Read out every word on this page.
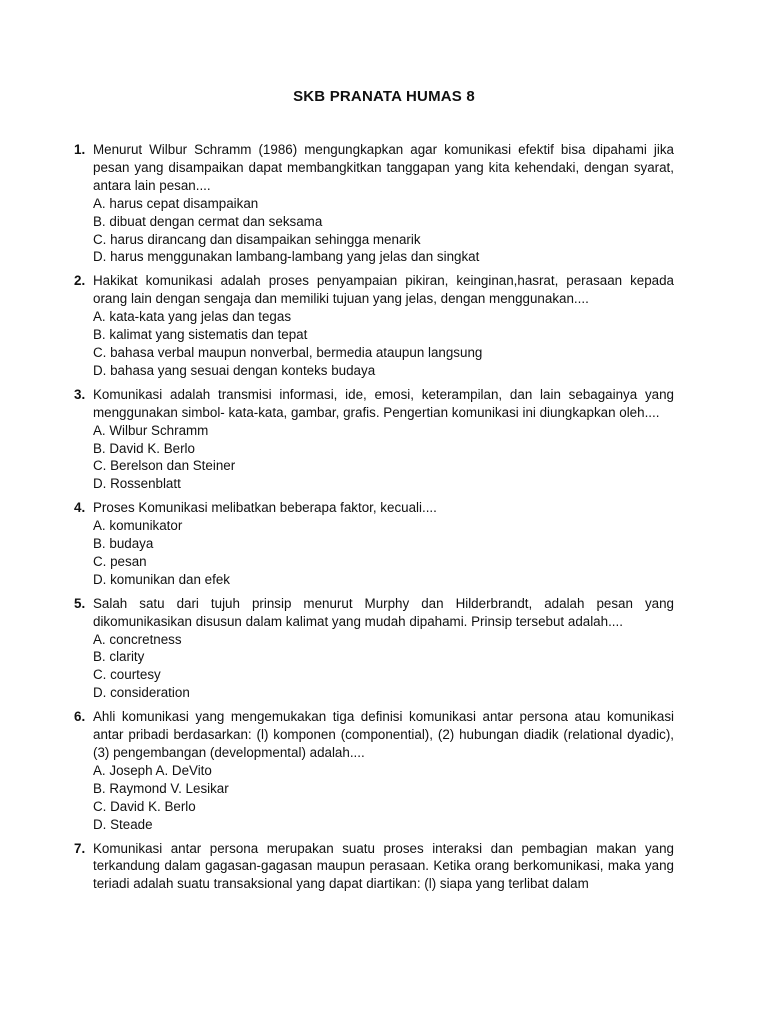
SKB PRANATA HUMAS 8
1. Menurut Wilbur Schramm (1986) mengungkapkan agar komunikasi efektif bisa dipahami jika pesan yang disampaikan dapat membangkitkan tanggapan yang kita kehendaki, dengan syarat, antara lain pesan....
A. harus cepat disampaikan
B. dibuat dengan cermat dan seksama
C. harus dirancang dan disampaikan sehingga menarik
D. harus menggunakan lambang-lambang yang jelas dan singkat
2. Hakikat komunikasi adalah proses penyampaian pikiran, keinginan,hasrat, perasaan kepada orang lain dengan sengaja dan memiliki tujuan yang jelas, dengan menggunakan....
A. kata-kata yang jelas dan tegas
B. kalimat yang sistematis dan tepat
C. bahasa verbal maupun nonverbal, bermedia ataupun langsung
D. bahasa yang sesuai dengan konteks budaya
3. Komunikasi adalah transmisi informasi, ide, emosi, keterampilan, dan lain sebagainya yang menggunakan simbol- kata-kata, gambar, grafis. Pengertian komunikasi ini diungkapkan oleh....
A. Wilbur Schramm
B. David K. Berlo
C. Berelson dan Steiner
D. Rossenblatt
4. Proses Komunikasi melibatkan beberapa faktor, kecuali....
A. komunikator
B. budaya
C. pesan
D. komunikan dan efek
5. Salah satu dari tujuh prinsip menurut Murphy dan Hilderbrandt, adalah pesan yang dikomunikasikan disusun dalam kalimat yang mudah dipahami. Prinsip tersebut adalah....
A. concretness
B. clarity
C. courtesy
D. consideration
6. Ahli komunikasi yang mengemukakan tiga definisi komunikasi antar persona atau komunikasi antar pribadi berdasarkan: (l) komponen (componential), (2) hubungan diadik (relational dyadic), (3) pengembangan (developmental) adalah....
A. Joseph A. DeVito
B. Raymond V. Lesikar
C. David K. Berlo
D. Steade
7. Komunikasi antar persona merupakan suatu proses interaksi dan pembagian makan yang terkandung dalam gagasan-gagasan maupun perasaan. Ketika orang berkomunikasi, maka yang teriadi adalah suatu transaksional yang dapat diartikan: (l) siapa yang terlibat dalam
